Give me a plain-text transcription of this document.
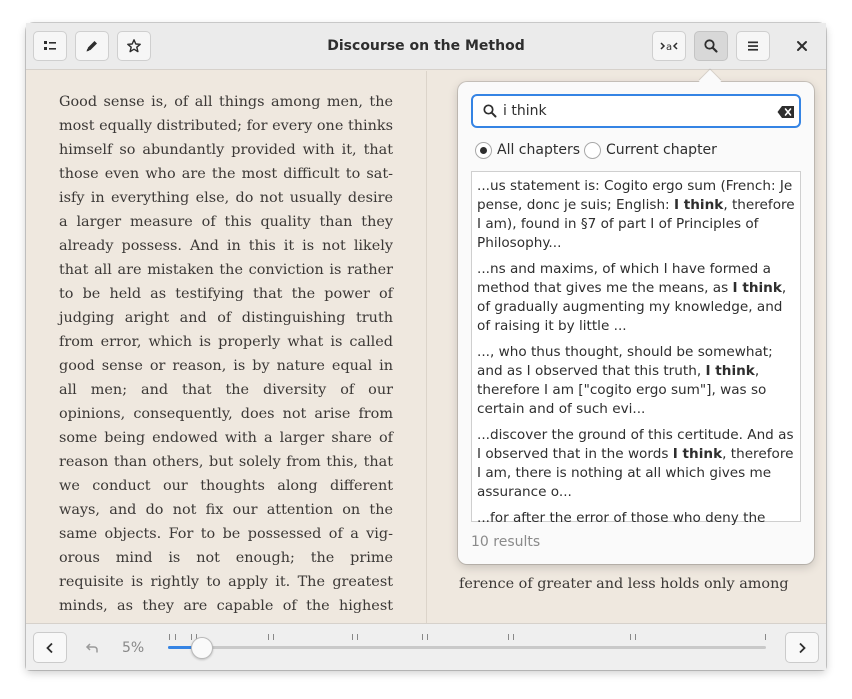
Discourse on the Method	a

Good sense is, of all things among men, the most equally distributed; for every one thinks himself so abundantly provided with it, that those even who are the most difficult to sat-isfy in everything else, do not usually desire a larger measure of this quality than they already possess. And in this it is not likely that all are mistaken the conviction is rather to be held as testifying that the power of judging aright and of distinguishing truth from error, which is properly what is called good sense or reason, is by nature equal in all men; and that the diversity of our opinions, consequently, does not arise from some being endowed with a larger share of reason than others, but solely from this, that we conduct our thoughts along different ways, and do not fix our attention on the same objects. For to be possessed of a vig-orous mind is not enough; the prime requisite is rightly to apply it. The greatest minds, as they are capable of the highest

ference of greater and less holds only among
5%
i think
All chapters Current chapter
...us statement is: Cogito ergo sum (French: Je pense, donc je suis; English: I think, therefore I am), found in §7 of part I of Principles of Philosophy...
...ns and maxims, of which I have formed a method that gives me the means, as I think, of gradually augmenting my knowledge, and of raising it by little ...
..., who thus thought, should be somewhat; and as I observed that this truth, I think, therefore I am ["cogito ergo sum"], was so certain and of such evi...
...discover the ground of this certitude. And as I observed that in the words I think, therefore I am, there is nothing at all which gives me assurance o...
...for after the error of those who deny the
10 results
